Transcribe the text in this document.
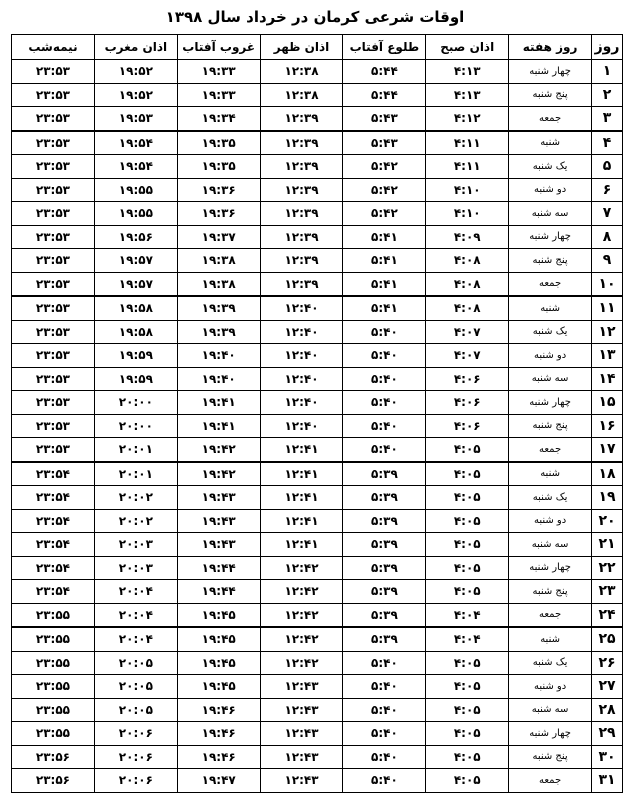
اوقات شرعی کرمان در خرداد سال ۱۳۹۸
روز	روز هفته	اذان صبح	طلوع آفتاب	اذان ظهر	غروب آفتاب	اذان مغرب	نیمه‌شب
۱	چهار شنبه	۴:۱۳	۵:۴۴	۱۲:۳۸	۱۹:۳۳	۱۹:۵۲	۲۳:۵۳
۲	پنج شنبه	۴:۱۳	۵:۴۴	۱۲:۳۸	۱۹:۳۳	۱۹:۵۲	۲۳:۵۳
۳	جمعه	۴:۱۲	۵:۴۳	۱۲:۳۹	۱۹:۳۴	۱۹:۵۳	۲۳:۵۳
۴	شنبه	۴:۱۱	۵:۴۳	۱۲:۳۹	۱۹:۳۵	۱۹:۵۴	۲۳:۵۳
۵	یک شنبه	۴:۱۱	۵:۴۲	۱۲:۳۹	۱۹:۳۵	۱۹:۵۴	۲۳:۵۳
۶	دو شنبه	۴:۱۰	۵:۴۲	۱۲:۳۹	۱۹:۳۶	۱۹:۵۵	۲۳:۵۳
۷	سه شنبه	۴:۱۰	۵:۴۲	۱۲:۳۹	۱۹:۳۶	۱۹:۵۵	۲۳:۵۳
۸	چهار شنبه	۴:۰۹	۵:۴۱	۱۲:۳۹	۱۹:۳۷	۱۹:۵۶	۲۳:۵۳
۹	پنج شنبه	۴:۰۸	۵:۴۱	۱۲:۳۹	۱۹:۳۸	۱۹:۵۷	۲۳:۵۳
۱۰	جمعه	۴:۰۸	۵:۴۱	۱۲:۳۹	۱۹:۳۸	۱۹:۵۷	۲۳:۵۳
۱۱	شنبه	۴:۰۸	۵:۴۱	۱۲:۴۰	۱۹:۳۹	۱۹:۵۸	۲۳:۵۳
۱۲	یک شنبه	۴:۰۷	۵:۴۰	۱۲:۴۰	۱۹:۳۹	۱۹:۵۸	۲۳:۵۳
۱۳	دو شنبه	۴:۰۷	۵:۴۰	۱۲:۴۰	۱۹:۴۰	۱۹:۵۹	۲۳:۵۳
۱۴	سه شنبه	۴:۰۶	۵:۴۰	۱۲:۴۰	۱۹:۴۰	۱۹:۵۹	۲۳:۵۳
۱۵	چهار شنبه	۴:۰۶	۵:۴۰	۱۲:۴۰	۱۹:۴۱	۲۰:۰۰	۲۳:۵۳
۱۶	پنج شنبه	۴:۰۶	۵:۴۰	۱۲:۴۰	۱۹:۴۱	۲۰:۰۰	۲۳:۵۳
۱۷	جمعه	۴:۰۵	۵:۴۰	۱۲:۴۱	۱۹:۴۲	۲۰:۰۱	۲۳:۵۳
۱۸	شنبه	۴:۰۵	۵:۳۹	۱۲:۴۱	۱۹:۴۲	۲۰:۰۱	۲۳:۵۴
۱۹	یک شنبه	۴:۰۵	۵:۳۹	۱۲:۴۱	۱۹:۴۳	۲۰:۰۲	۲۳:۵۴
۲۰	دو شنبه	۴:۰۵	۵:۳۹	۱۲:۴۱	۱۹:۴۳	۲۰:۰۲	۲۳:۵۴
۲۱	سه شنبه	۴:۰۵	۵:۳۹	۱۲:۴۱	۱۹:۴۳	۲۰:۰۳	۲۳:۵۴
۲۲	چهار شنبه	۴:۰۵	۵:۳۹	۱۲:۴۲	۱۹:۴۴	۲۰:۰۳	۲۳:۵۴
۲۳	پنج شنبه	۴:۰۵	۵:۳۹	۱۲:۴۲	۱۹:۴۴	۲۰:۰۴	۲۳:۵۴
۲۴	جمعه	۴:۰۴	۵:۳۹	۱۲:۴۲	۱۹:۴۵	۲۰:۰۴	۲۳:۵۵
۲۵	شنبه	۴:۰۴	۵:۳۹	۱۲:۴۲	۱۹:۴۵	۲۰:۰۴	۲۳:۵۵
۲۶	یک شنبه	۴:۰۵	۵:۴۰	۱۲:۴۲	۱۹:۴۵	۲۰:۰۵	۲۳:۵۵
۲۷	دو شنبه	۴:۰۵	۵:۴۰	۱۲:۴۳	۱۹:۴۵	۲۰:۰۵	۲۳:۵۵
۲۸	سه شنبه	۴:۰۵	۵:۴۰	۱۲:۴۳	۱۹:۴۶	۲۰:۰۵	۲۳:۵۵
۲۹	چهار شنبه	۴:۰۵	۵:۴۰	۱۲:۴۳	۱۹:۴۶	۲۰:۰۶	۲۳:۵۵
۳۰	پنج شنبه	۴:۰۵	۵:۴۰	۱۲:۴۳	۱۹:۴۶	۲۰:۰۶	۲۳:۵۶
۳۱	جمعه	۴:۰۵	۵:۴۰	۱۲:۴۳	۱۹:۴۷	۲۰:۰۶	۲۳:۵۶
